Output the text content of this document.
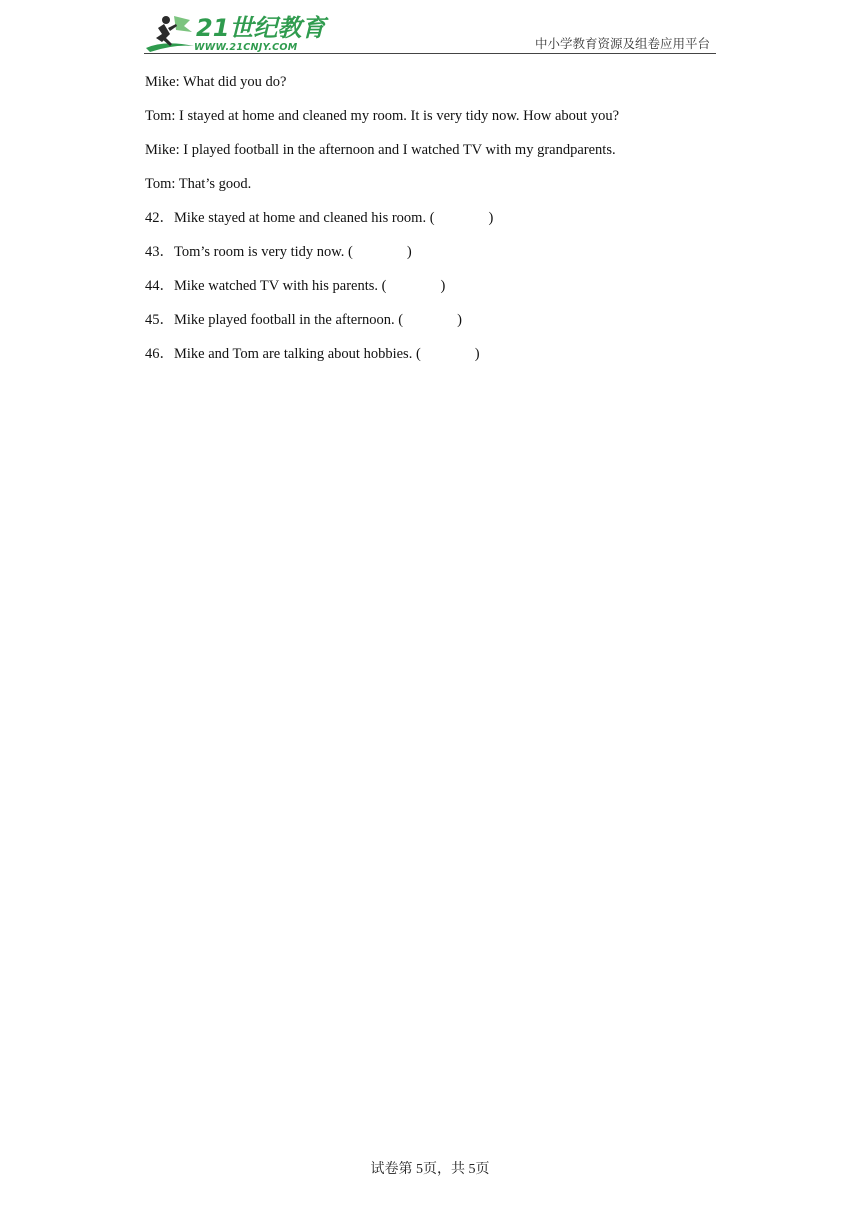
21世纪教育
WWW.21CNJY.COM	中小学教育资源及组卷应用平台
Mike: What did you do?
Tom: I stayed at home and cleaned my room. It is very tidy now. How about you?
Mike: I played football in the afternoon and I watched TV with my grandparents.
Tom: That’s good.
42．Mike stayed at home and cleaned his room. (	)
43．Tom’s room is very tidy now. (	)
44．Mike watched TV with his parents. (	)
45．Mike played football in the afternoon. (	)
46．Mike and Tom are talking about hobbies. (	)
试卷第 5页，共 5页
